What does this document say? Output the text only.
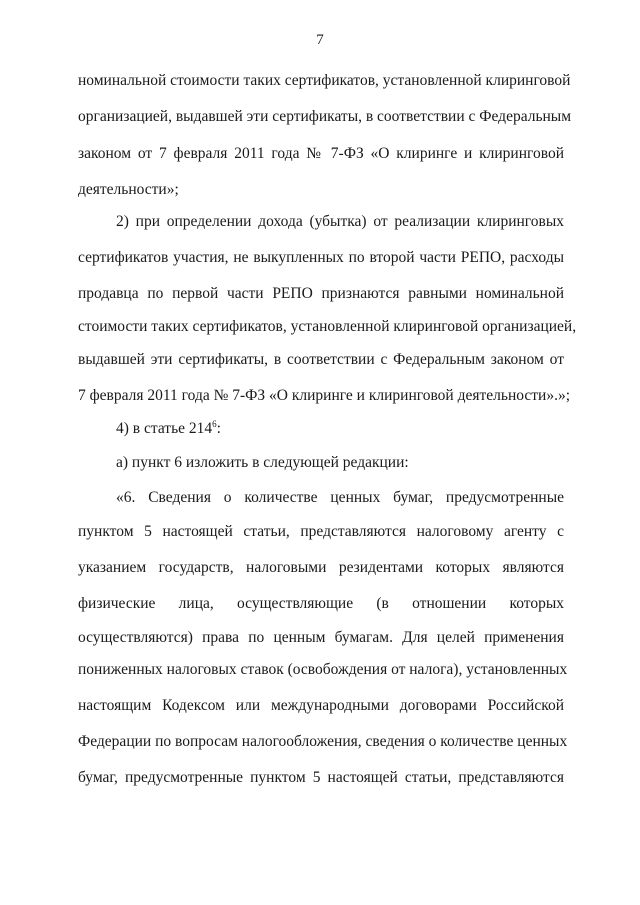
7
номинальной стоимости таких сертификатов, установленной клиринговой
организацией, выдавшей эти сертификаты, в соответствии с Федеральным
законом от 7 февраля 2011 года № 7-ФЗ «О клиринге и клиринговой
деятельности»;
2) при определении дохода (убытка) от реализации клиринговых
сертификатов участия, не выкупленных по второй части РЕПО, расходы
продавца по первой части РЕПО признаются равными номинальной
стоимости таких сертификатов, установленной клиринговой организацией,
выдавшей эти сертификаты, в соответствии с Федеральным законом от
7 февраля 2011 года № 7-ФЗ «О клиринге и клиринговой деятельности».»;
4) в статье $214^6$:
а) пункт 6 изложить в следующей редакции:
«6. Сведения о количестве ценных бумаг, предусмотренные
пунктом 5 настоящей статьи, представляются налоговому агенту с
указанием государств, налоговыми резидентами которых являются
физические лица, осуществляющие (в отношении которых
осуществляются) права по ценным бумагам. Для целей применения
пониженных налоговых ставок (освобождения от налога), установленных
настоящим Кодексом или международными договорами Российской
Федерации по вопросам налогообложения, сведения о количестве ценных
бумаг, предусмотренные пунктом 5 настоящей статьи, представляются
